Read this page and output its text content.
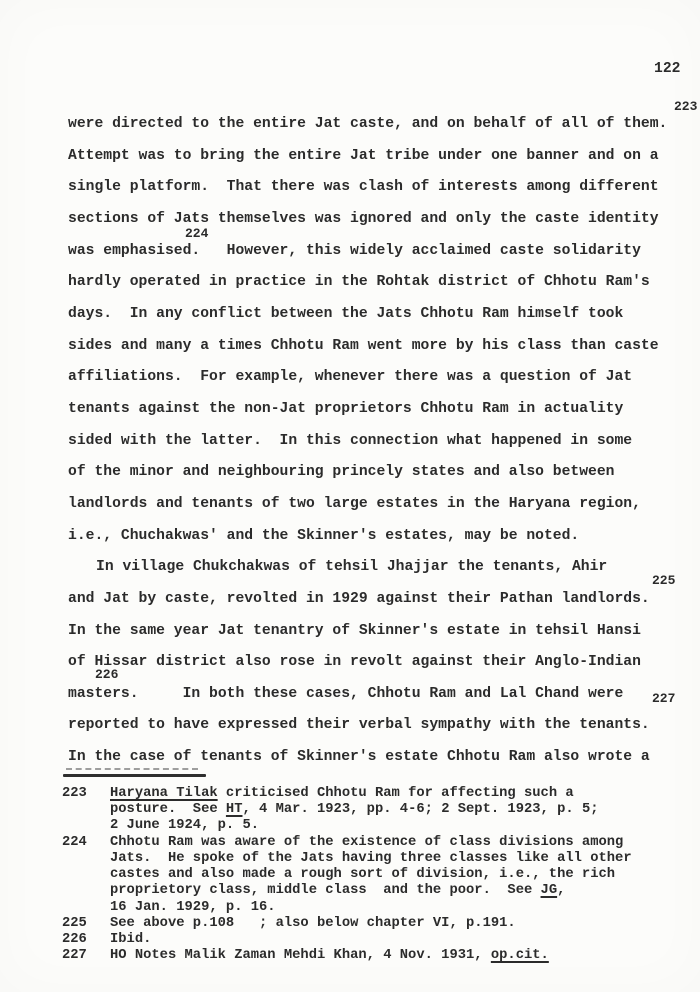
122
223
224
225
226
227
were directed to the entire Jat caste, and on behalf of all of them.
Attempt was to bring the entire Jat tribe under one banner and on a
single platform.  That there was clash of interests among different
sections of Jats themselves was ignored and only the caste identity
was emphasised.   However, this widely acclaimed caste solidarity
hardly operated in practice in the Rohtak district of Chhotu Ram's
days.  In any conflict between the Jats Chhotu Ram himself took
sides and many a times Chhotu Ram went more by his class than caste
affiliations.  For example, whenever there was a question of Jat
tenants against the non-Jat proprietors Chhotu Ram in actuality
sided with the latter.  In this connection what happened in some
of the minor and neighbouring princely states and also between
landlords and tenants of two large estates in the Haryana region,
i.e., Chuchakwas' and the Skinner's estates, may be noted.
In village Chukchakwas of tehsil Jhajjar the tenants, Ahir
and Jat by caste, revolted in 1929 against their Pathan landlords.
In the same year Jat tenantry of Skinner's estate in tehsil Hansi
of Hissar district also rose in revolt against their Anglo-Indian
masters.     In both these cases, Chhotu Ram and Lal Chand were
reported to have expressed their verbal sympathy with the tenants.
In the case of tenants of Skinner's estate Chhotu Ram also wrote a
223 Haryana Tilak criticised Chhotu Ram for affecting such a
posture.  See HT, 4 Mar. 1923, pp. 4-6; 2 Sept. 1923, p. 5;
2 June 1924, p. 5.
224 Chhotu Ram was aware of the existence of class divisions among
Jats.  He spoke of the Jats having three classes like all other
castes and also made a rough sort of division, i.e., the rich
proprietory class, middle class  and the poor.  See JG,
16 Jan. 1929, p. 16.
225 See above p.108   ; also below chapter VI, p.191.
226 Ibid.
227 HO Notes Malik Zaman Mehdi Khan, 4 Nov. 1931, op.cit.
